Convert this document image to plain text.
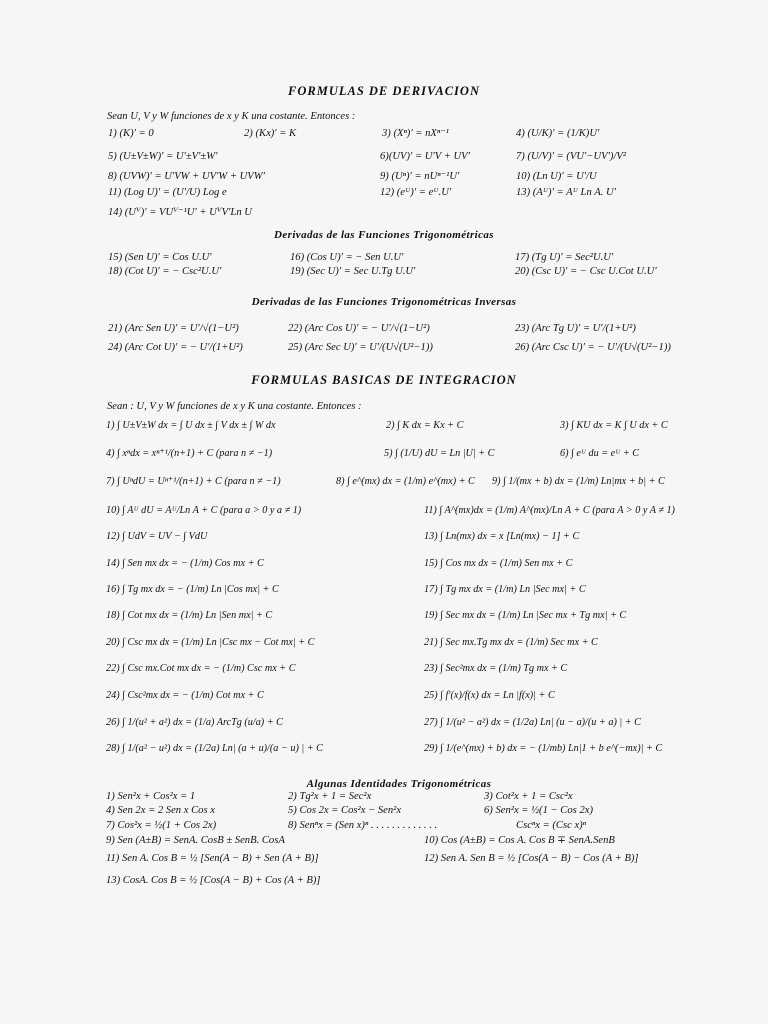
FORMULAS DE DERIVACION
Sean U, V y W funciones de x y K una costante. Entonces :
1) (K)′ = 0	2) (Kx)′ = K	3) (Xⁿ)′ = nXⁿ⁻¹	4) (U/K)′ = (1/K)U′
5) (U±V±W)′ = U′±V′±W′	6)(UV)′ = U′V + UV′	7) (U/V)′ = (VU′−UV′)/V²
8) (UVW)′ = U′VW + UV′W + UVW′	9) (Uⁿ)′ = nUⁿ⁻¹U′	10) (Ln U)′ = U′/U
11) (Log U)′ = (U′/U) Log e	12) (eᵁ)′ = eᵁ.U′	13) (Aᵁ)′ = Aᵁ Ln A. U′
14) (Uⱽ)′ = VUⱽ⁻¹U′ + UⱽV′Ln U
Derivadas de las Funciones Trigonométricas
15) (Sen U)′ = Cos U.U′	16) (Cos U)′ = − Sen U.U′	17) (Tg U)′ = Sec²U.U′
18) (Cot U)′ = − Csc²U.U′	19) (Sec U)′ = Sec U.Tg U.U′	20) (Csc U)′ = − Csc U.Cot U.U′
Derivadas de las Funciones Trigonométricas Inversas
21) (Arc Sen U)′ = U′/√(1−U²)	22) (Arc Cos U)′ = − U′/√(1−U²)	23) (Arc Tg U)′ = U′/(1+U²)
24) (Arc Cot U)′ = − U′/(1+U²)	25) (Arc Sec U)′ = U′/(U√(U²−1))	26) (Arc Csc U)′ = − U′/(U√(U²−1))
FORMULAS BASICAS DE INTEGRACION
Sean : U, V y W funciones de x y K una costante. Entonces :
1) ∫ U±V±W dx = ∫ U dx ± ∫ V dx ± ∫ W dx	2) ∫ K dx = Kx + C	3) ∫ KU dx = K ∫ U dx + C
4) ∫ xⁿdx = xⁿ⁺¹/(n+1) + C (para n ≠ −1)	5) ∫ (1/U) dU = Ln |U| + C	6) ∫ eᵁ du = eᵁ + C
7) ∫ UⁿdU = Uⁿ⁺¹/(n+1) + C (para n ≠ −1)	8) ∫ e^(mx) dx = (1/m) e^(mx) + C 9) ∫ 1/(mx + b) dx = (1/m) Ln|mx + b| + C
10) ∫ Aᵁ dU = Aᵁ/Ln A + C (para a > 0 y a ≠ 1)	11) ∫ A^(mx)dx = (1/m) A^(mx)/Ln A + C (para A > 0 y A ≠ 1)
12) ∫ UdV = UV − ∫ VdU	13) ∫ Ln(mx) dx = x [Ln(mx) − 1] + C
14) ∫ Sen mx dx = − (1/m) Cos mx + C	15) ∫ Cos mx dx = (1/m) Sen mx + C
16) ∫ Tg mx dx = − (1/m) Ln |Cos mx| + C	17) ∫ Tg mx dx = (1/m) Ln |Sec mx| + C
18) ∫ Cot mx dx = (1/m) Ln |Sen mx| + C	19) ∫ Sec mx dx = (1/m) Ln |Sec mx + Tg mx| + C
20) ∫ Csc mx dx = (1/m) Ln |Csc mx − Cot mx| + C	21) ∫ Sec mx.Tg mx dx = (1/m) Sec mx + C
22) ∫ Csc mx.Cot mx dx = − (1/m) Csc mx + C	23) ∫ Sec²mx dx = (1/m) Tg mx + C
24) ∫ Csc²mx dx = − (1/m) Cot mx + C	25) ∫ f′(x)/f(x) dx = Ln |f(x)| + C
26) ∫ 1/(u² + a²) dx = (1/a) ArcTg (u/a) + C	27) ∫ 1/(u² − a²) dx = (1/2a) Ln| (u − a)/(u + a) | + C
28) ∫ 1/(a² − u²) dx = (1/2a) Ln| (a + u)/(a − u) | + C	29) ∫ 1/(e^(mx) + b) dx = − (1/mb) Ln|1 + b e^(−mx)| + C
Algunas Identidades Trigonométricas
1) Sen²x + Cos²x = 1	2) Tg²x + 1 = Sec²x	3) Cot²x + 1 = Csc²x
4) Sen 2x = 2 Sen x Cos x	5) Cos 2x = Cos²x − Sen²x	6) Sen²x = ½(1 − Cos 2x)
7) Cos²x = ½(1 + Cos 2x)	8) Senⁿx = (Sen x)ⁿ . . . . . . . . . . . . .	Cscⁿx = (Csc x)ⁿ
9) Sen (A±B) = SenA. CosB ± SenB. CosA	10) Cos (A±B) = Cos A. Cos B ∓ SenA.SenB
11) Sen A. Cos B = ½ [Sen(A − B) + Sen (A + B)]	12) Sen A. Sen B = ½ [Cos(A − B) − Cos (A + B)]
13) CosA. Cos B = ½ [Cos(A − B) + Cos (A + B)]
